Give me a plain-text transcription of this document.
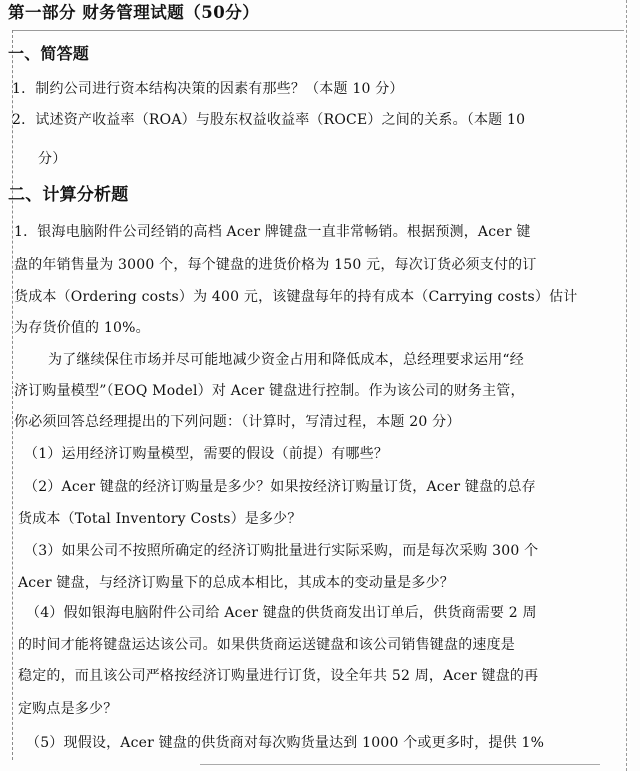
第一部分 财务管理试题（50分）
一、简答题
1．制约公司进行资本结构决策的因素有那些？（本题 10 分）
2．试述资产收益率（ROA）与股东权益收益率（ROCE）之间的关系。（本题 10
分）
二、计算分析题
1．银海电脑附件公司经销的高档 Acer 牌键盘一直非常畅销。根据预测，Acer 键
盘的年销售量为 3000 个，每个键盘的进货价格为 150 元，每次订货必须支付的订
货成本（Ordering costs）为 400 元，该键盘每年的持有成本（Carrying costs）估计
为存货价值的 10%。
为了继续保住市场并尽可能地减少资金占用和降低成本，总经理要求运用“经
济订购量模型”（EOQ Model）对 Acer 键盘进行控制。作为该公司的财务主管，
你必须回答总经理提出的下列问题：（计算时，写清过程，本题 20 分）
（1）运用经济订购量模型，需要的假设（前提）有哪些？
（2）Acer 键盘的经济订购量是多少？如果按经济订购量订货，Acer 键盘的总存
货成本（Total Inventory Costs）是多少？
（3）如果公司不按照所确定的经济订购批量进行实际采购，而是每次采购 300 个
Acer 键盘，与经济订购量下的总成本相比，其成本的变动量是多少？
（4）假如银海电脑附件公司给 Acer 键盘的供货商发出订单后，供货商需要 2 周
的时间才能将键盘运达该公司。如果供货商运送键盘和该公司销售键盘的速度是
稳定的，而且该公司严格按经济订购量进行订货，设全年共 52 周，Acer 键盘的再
定购点是多少？
（5）现假设，Acer 键盘的供货商对每次购货量达到 1000 个或更多时，提供 1%
